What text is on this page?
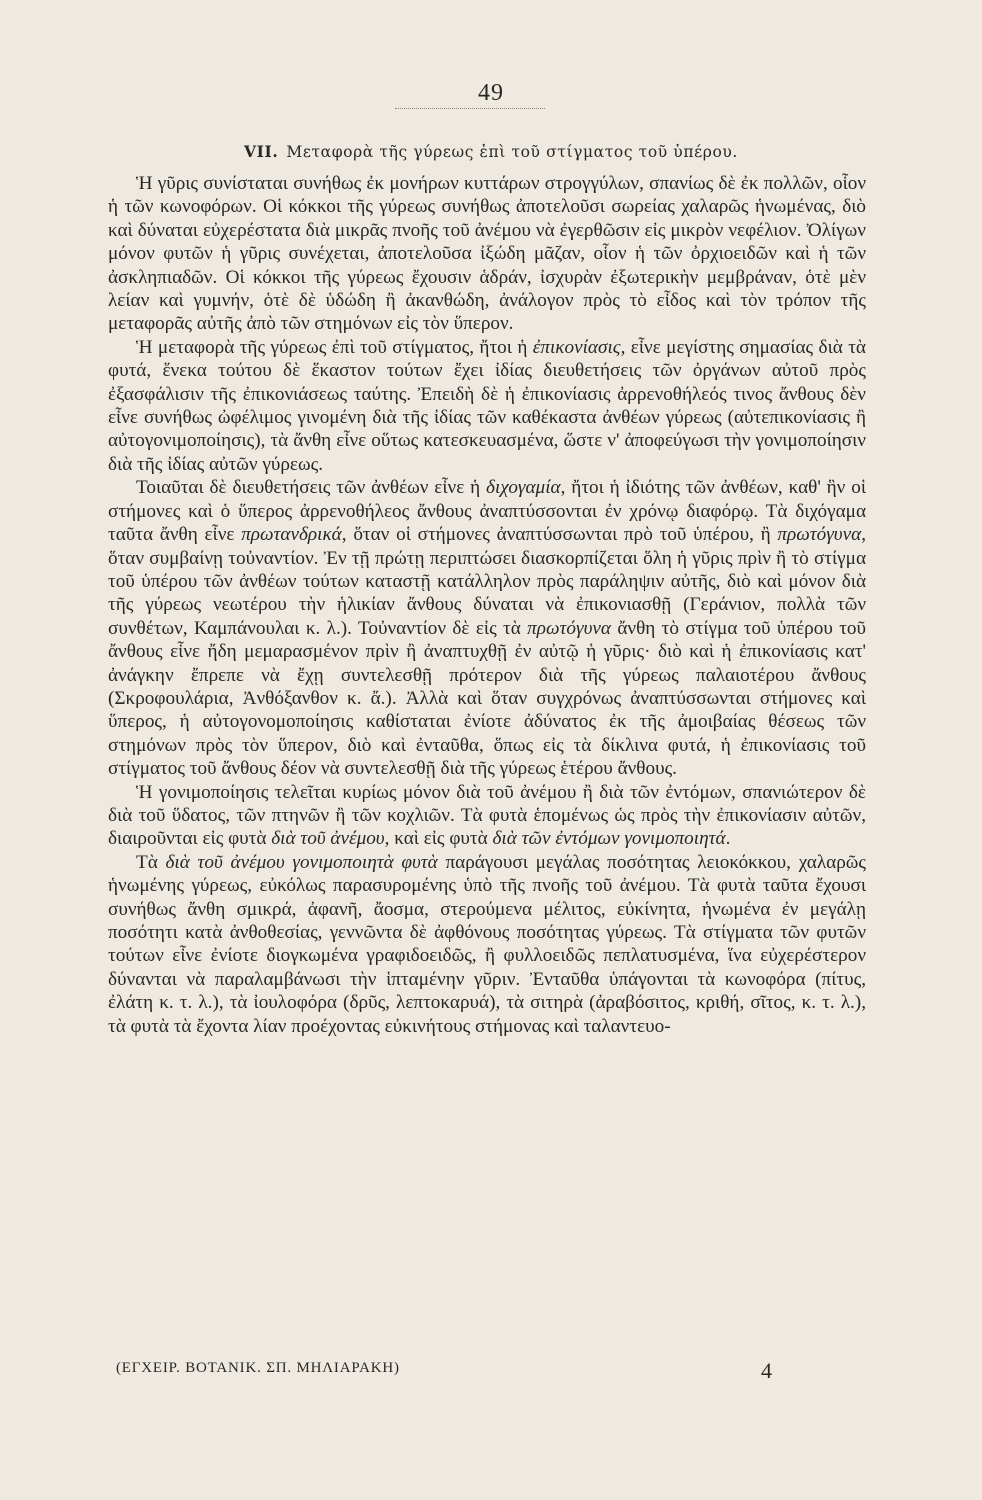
49
VII. Μεταφορὰ τῆς γύρεως ἐπὶ τοῦ στίγματος τοῦ ὑπέρου.

Ἡ γῦρις συνίσταται συνήθως ἐκ μονήρων κυττάρων στρογγύλων, σπανίως δὲ ἐκ πολλῶν, οἷον ἡ τῶν κωνοφόρων. Οἱ κόκκοι τῆς γύρεως συνήθως ἀποτελοῦσι σωρείας χαλαρῶς ἡνωμένας, διὸ καὶ δύναται εὐχερέστατα διὰ μικρᾶς πνοῆς τοῦ ἀνέμου νὰ ἐγερθῶσιν εἰς μικρὸν νεφέλιον. Ὀλίγων μόνον φυτῶν ἡ γῦρις συνέχεται, ἀποτελοῦσα ἰξώδη μᾶζαν, οἷον ἡ τῶν ὀρχιοειδῶν καὶ ἡ τῶν ἀσκληπιαδῶν. Οἱ κόκκοι τῆς γύρεως ἔχουσιν ἁδράν, ἰσχυρὰν ἐξωτερικὴν μεμβράναν, ὁτὲ μὲν λείαν καὶ γυμνήν, ὁτὲ δὲ ὑδώδη ἢ ἀκανθώδη, ἀνάλογον πρὸς τὸ εἶδος καὶ τὸν τρόπον τῆς μεταφορᾶς αὐτῆς ἀπὸ τῶν στημόνων εἰς τὸν ὕπερον.

Ἡ μεταφορὰ τῆς γύρεως ἐπὶ τοῦ στίγματος, ἤτοι ἡ ἐπικονίασις, εἶνε μεγίστης σημασίας διὰ τὰ φυτά, ἕνεκα τούτου δὲ ἕκαστον τούτων ἔχει ἰδίας διευθετήσεις τῶν ὀργάνων αὐτοῦ πρὸς ἐξασφάλισιν τῆς ἐπικονιάσεως ταύτης. Ἐπειδὴ δὲ ἡ ἐπικονίασις ἀρρενοθήλεός τινος ἄνθους δὲν εἶνε συνήθως ὠφέλιμος γινομένη διὰ τῆς ἰδίας τῶν καθέκαστα ἀνθέων γύρεως (αὐτεπικονίασις ἢ αὐτογονιμοποίησις), τὰ ἄνθη εἶνε οὕτως κατεσκευασμένα, ὥστε ν' ἀποφεύγωσι τὴν γονιμοποίησιν διὰ τῆς ἰδίας αὐτῶν γύρεως.

Τοιαῦται δὲ διευθετήσεις τῶν ἀνθέων εἶνε ἡ διχογαμία, ἤτοι ἡ ἰδιότης τῶν ἀνθέων, καθ' ἣν οἱ στήμονες καὶ ὁ ὕπερος ἀρρενοθήλεος ἄνθους ἀναπτύσσονται ἐν χρόνῳ διαφόρῳ. Τὰ διχόγαμα ταῦτα ἄνθη εἶνε πρωτανδρικά, ὅταν οἱ στήμονες ἀναπτύσσωνται πρὸ τοῦ ὑπέρου, ἢ πρωτόγυνα, ὅταν συμβαίνῃ τοὐναντίον. Ἐν τῇ πρώτῃ περιπτώσει διασκορπίζεται ὅλη ἡ γῦρις πρὶν ἢ τὸ στίγμα τοῦ ὑπέρου τῶν ἀνθέων τούτων καταστῇ κατάλληλον πρὸς παράληψιν αὐτῆς, διὸ καὶ μόνον διὰ τῆς γύρεως νεωτέρου τὴν ἡλικίαν ἄνθους δύναται νὰ ἐπικονιασθῇ (Γεράνιον, πολλὰ τῶν συνθέτων, Καμπάνουλαι κ. λ.). Τοὐναντίον δὲ εἰς τὰ πρωτόγυνα ἄνθη τὸ στίγμα τοῦ ὑπέρου τοῦ ἄνθους εἶνε ἤδη μεμαρασμένον πρὶν ἢ ἀναπτυχθῇ ἐν αὐτῷ ἡ γῦρις· διὸ καὶ ἡ ἐπικονίασις κατ' ἀνάγκην ἔπρεπε νὰ ἔχῃ συντελεσθῇ πρότερον διὰ τῆς γύρεως παλαιοτέρου ἄνθους (Σκροφουλάρια, Ἀνθόξανθον κ. ἄ.). Ἀλλὰ καὶ ὅταν συγχρόνως ἀναπτύσσωνται στήμονες καὶ ὕπερος, ἡ αὐτογονομοποίησις καθίσταται ἐνίοτε ἀδύνατος ἐκ τῆς ἀμοιβαίας θέσεως τῶν στημόνων πρὸς τὸν ὕπερον, διὸ καὶ ἐνταῦθα, ὅπως εἰς τὰ δίκλινα φυτά, ἡ ἐπικονίασις τοῦ στίγματος τοῦ ἄνθους δέον νὰ συντελεσθῇ διὰ τῆς γύρεως ἑτέρου ἄνθους.

Ἡ γονιμοποίησις τελεῖται κυρίως μόνον διὰ τοῦ ἀνέμου ἢ διὰ τῶν ἐντόμων, σπανιώτερον δὲ διὰ τοῦ ὕδατος, τῶν πτηνῶν ἢ τῶν κοχλιῶν. Τὰ φυτὰ ἑπομένως ὡς πρὸς τὴν ἐπικονίασιν αὐτῶν, διαιροῦνται εἰς φυτὰ διὰ τοῦ ἀνέμου, καὶ εἰς φυτὰ διὰ τῶν ἐντόμων γονιμοποιητά.

Τὰ διὰ τοῦ ἀνέμου γονιμοποιητὰ φυτὰ παράγουσι μεγάλας ποσότητας λειοκόκκου, χαλαρῶς ἡνωμένης γύρεως, εὐκόλως παρασυρομένης ὑπὸ τῆς πνοῆς τοῦ ἀνέμου. Τὰ φυτὰ ταῦτα ἔχουσι συνήθως ἄνθη σμικρά, ἀφανῆ, ἄοσμα, στερούμενα μέλιτος, εὐκίνητα, ἡνωμένα ἐν μεγάλῃ ποσότητι κατὰ ἀνθοθεσίας, γεννῶντα δὲ ἀφθόνους ποσότητας γύρεως. Τὰ στίγματα τῶν φυτῶν τούτων εἶνε ἐνίοτε διογκωμένα γραφιδοειδῶς, ἢ φυλλοειδῶς πεπλατυσμένα, ἵνα εὐχερέστερον δύνανται νὰ παραλαμβάνωσι τὴν ἱπταμένην γῦριν. Ἐνταῦθα ὑπάγονται τὰ κωνοφόρα (πίτυς, ἐλάτη κ. τ. λ.), τὰ ἰουλοφόρα (δρῦς, λεπτοκαρυά), τὰ σιτηρὰ (ἀραβόσιτος, κριθή, σῖτος, κ. τ. λ.), τὰ φυτὰ τὰ ἔχοντα λίαν προέχοντας εὐκινήτους στήμονας καὶ ταλαντευο-

(ΕΓΧΕΙΡ. ΒΟΤΑΝΙΚ. ΣΠ. ΜΗΛΙΑΡΑΚΗ)	4
